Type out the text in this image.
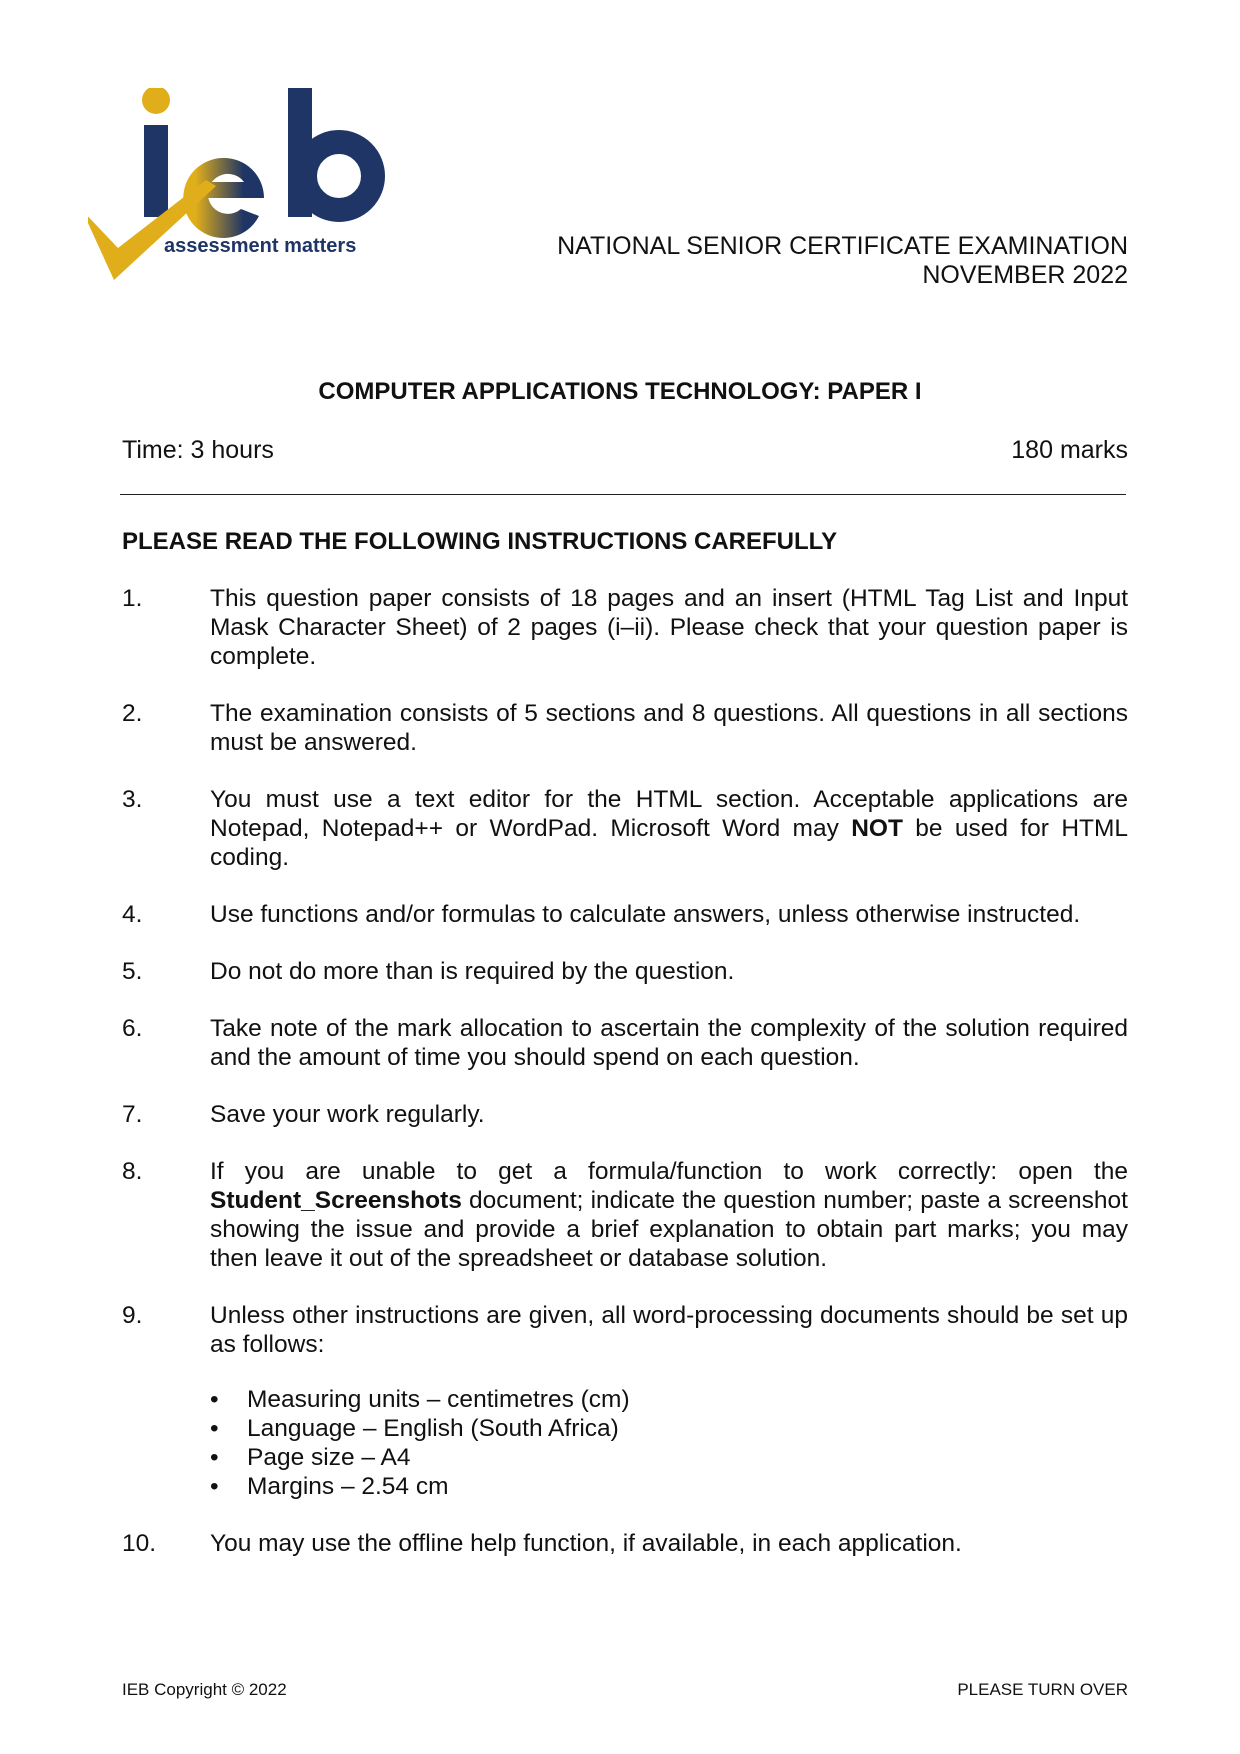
assessment matters	NATIONAL SENIOR CERTIFICATE EXAMINATION
NOVEMBER 2022
COMPUTER APPLICATIONS TECHNOLOGY: PAPER I
Time: 3 hours	180 marks
PLEASE READ THE FOLLOWING INSTRUCTIONS CAREFULLY
1.	This question paper consists of 18 pages and an insert (HTML Tag List and Input Mask Character Sheet) of 2 pages (i–ii). Please check that your question paper is complete.
2.	The examination consists of 5 sections and 8 questions. All questions in all sections must be answered.
3.	You must use a text editor for the HTML section. Acceptable applications are Notepad, Notepad++ or WordPad. Microsoft Word may NOT be used for HTML coding.
4.	Use functions and/or formulas to calculate answers, unless otherwise instructed.
5.	Do not do more than is required by the question.
6.	Take note of the mark allocation to ascertain the complexity of the solution required and the amount of time you should spend on each question.
7.	Save your work regularly.
8.	If you are unable to get a formula/function to work correctly: open the Student_Screenshots document; indicate the question number; paste a screenshot showing the issue and provide a brief explanation to obtain part marks; you may then leave it out of the spreadsheet or database solution.
9.	Unless other instructions are given, all word-processing documents should be set up as follows:
•	Measuring units – centimetres (cm)
•	Language – English (South Africa)
•	Page size – A4
•	Margins – 2.54 cm
10.	You may use the offline help function, if available, in each application.
IEB Copyright © 2022	PLEASE TURN OVER
